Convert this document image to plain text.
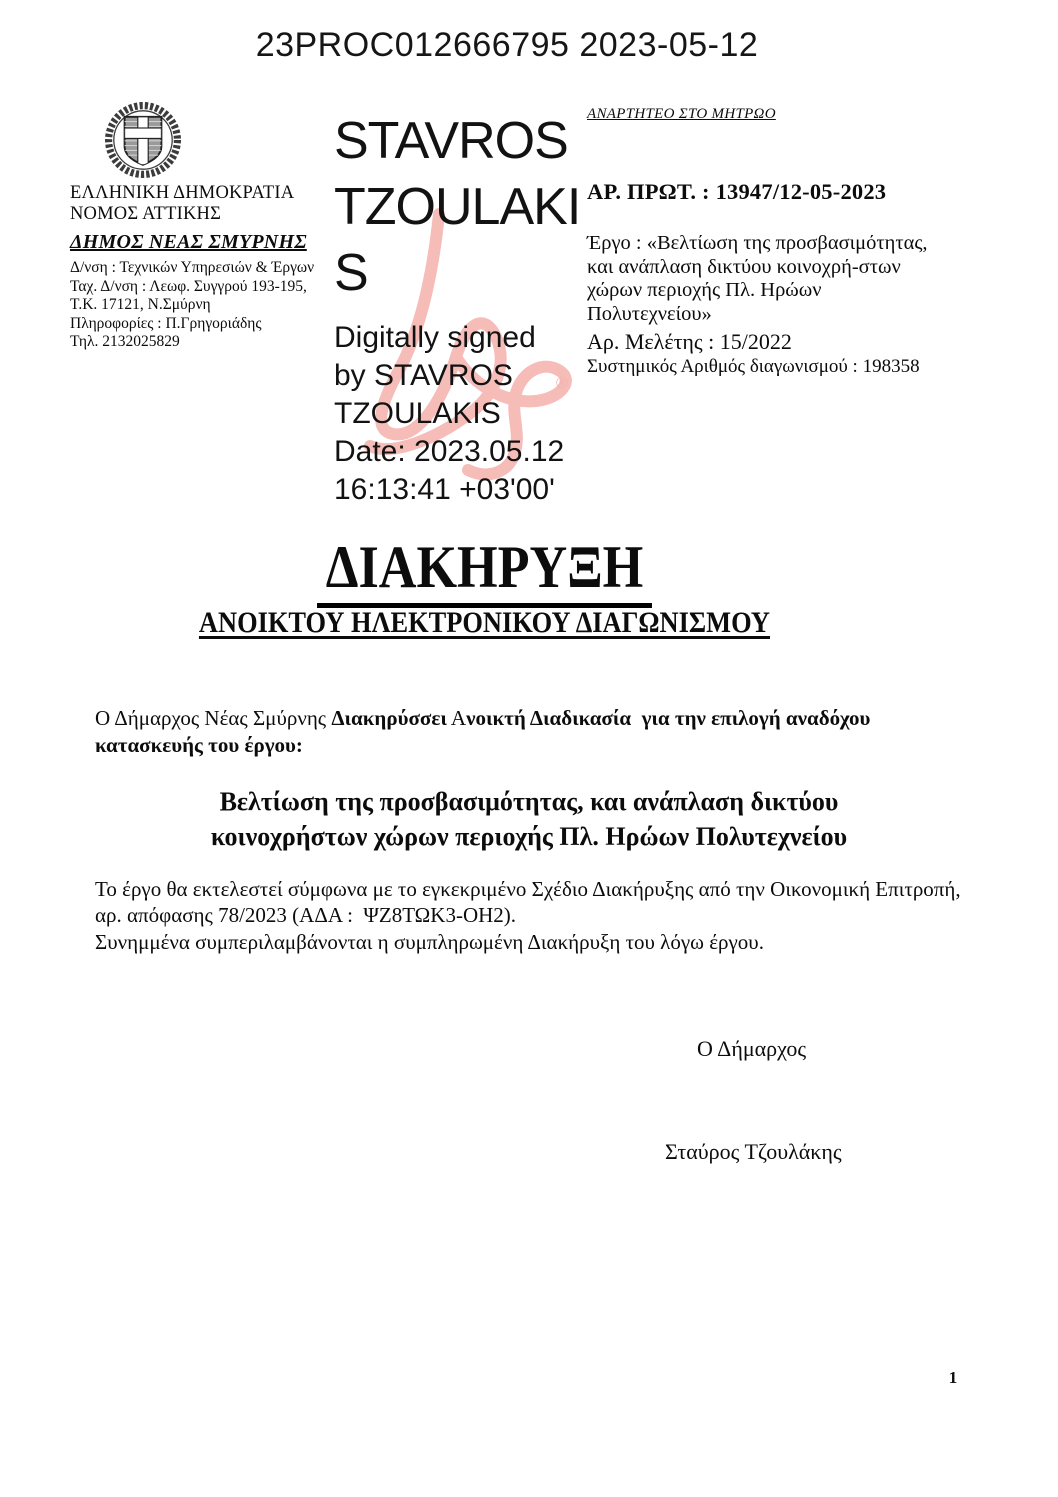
23PROC012666795 2023-05-12
ΕΛΛΗΝΙΚΗ ΔΗΜΟΚΡΑΤΙΑ
ΝΟΜΟΣ ΑΤΤΙΚΗΣ
ΔΗΜΟΣ ΝΕΑΣ ΣΜΥΡΝΗΣ
Δ/νση : Τεχνικών Υπηρεσιών & Έργων
Ταχ. Δ/νση : Λεωφ. Συγγρού 193-195,
Τ.Κ. 17121, Ν.Σμύρνη
Πληροφορίες : Π.Γρηγοριάδης
Τηλ. 2132025829
®
STAVROS
TZOULAKI
S
Digitally signed
by STAVROS
TZOULAKIS
Date: 2023.05.12
16:13:41 +03'00'
ΑΝΑΡΤΗΤΕΟ ΣΤΟ ΜΗΤΡΩΟ
ΑΡ. ΠΡΩΤ. : 13947/12-05-2023
Έργο : «Βελτίωση της προσβασιμότητας,
και ανάπλαση δικτύου κοινοχρή-στων
χώρων περιοχής Πλ. Ηρώων
Πολυτεχνείου»
Αρ. Μελέτης : 15/2022
Συστημικός Αριθμός διαγωνισμού : 198358
ΔΙΑΚΗΡΥΞΗ
ΑΝΟΙΚΤΟΥ ΗΛΕΚΤΡΟΝΙΚΟΥ ΔΙΑΓΩΝΙΣΜΟΥ
Ο Δήμαρχος Νέας Σμύρνης Διακηρύσσει Ανοικτή Διαδικασία  για την επιλογή αναδόχου κατασκευής του έργου:
Βελτίωση της προσβασιμότητας, και ανάπλαση δικτύου
κοινοχρήστων χώρων περιοχής Πλ. Ηρώων Πολυτεχνείου
Το έργο θα εκτελεστεί σύμφωνα με το εγκεκριμένο Σχέδιο Διακήρυξης από την Οικονομική Επιτροπή, αρ. απόφασης 78/2023 (ΑΔΑ :  ΨΖ8ΤΩΚ3-ΟΗ2).
Συνημμένα συμπεριλαμβάνονται η συμπληρωμένη Διακήρυξη του λόγω έργου.
Ο Δήμαρχος
Σταύρος Τζουλάκης
1
